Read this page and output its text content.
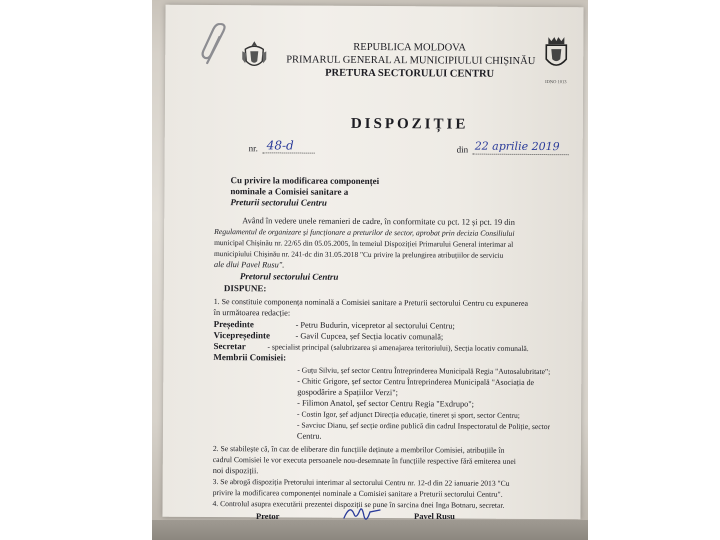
IDNO 1013
REPUBLICA MOLDOVA
PRIMARUL GENERAL AL MUNICIPIULUI CHIȘINĂU
PRETURA SECTORULUI CENTRU
DISPOZIȚIE
nr. 48-d	din 22 aprilie 2019
Cu privire la modificarea componenței
nominale a Comisiei sanitare a
Preturii sectorului Centru
Având în vedere unele remanieri de cadre, în conformitate cu pct. 12 și pct. 19 din
Regulamentul de organizare și funcționare a preturilor de sector, aprobat prin decizia Consiliului
municipal Chișinău nr. 22/65 din 05.05.2005, în temeiul Dispoziției Primarului General interimar al
municipiului Chișinău nr. 241-dc din 31.05.2018 "Cu privire la prelungirea atribuțiilor de serviciu
ale dlui Pavel Rusu".
Pretorul sectorului Centru
DISPUNE:
1. Se constituie componența nominală a Comisiei sanitare a Preturii sectorului Centru cu expunerea
în următoarea redacție:
Președinte	- Petru Budurin, vicepretor al sectorului Centru;
Vicepreședinte	- Gavil Cupcea, șef Secția locativ comunală;
Secretar	- specialist principal (salubrizarea și amenajarea teritoriului), Secția locativ comunală.
Membrii Comisiei:
- Guțu Silviu, șef sector Centru Întreprinderea Municipală Regia "Autosalubritate";
- Chitic Grigore, șef sector Centru Întreprinderea Municipală "Asociația de
gospodărire a Spațiilor Verzi";
- Filimon Anatol, șef sector Centru Regia "Exdrupo";
- Costin Igor, șef adjunct Direcția educație, tineret și sport, sector Centru;
- Savciuc Dianu, șef secție ordine publică din cadrul Inspectoratul de Poliție, sector
Centru.
2. Se stabilește că, în caz de eliberare din funcțiile deținute a membrilor Comisiei, atribuțiile în
cadrul Comisiei le vor executa persoanele nou-desemnate în funcțiile respective fără emiterea unei
noi dispoziții.
3. Se abrogă dispoziția Pretorului interimar al sectorului Centru nr. 12-d din 22 ianuarie 2013 "Cu
privire la modificarea componenței nominale a Comisiei sanitare a Preturii sectorului Centru".
4. Controlul asupra executării prezentei dispoziții se pune în sarcina dnei Inga Botnaru, secretar.
Pretor	Pavel Rusu
